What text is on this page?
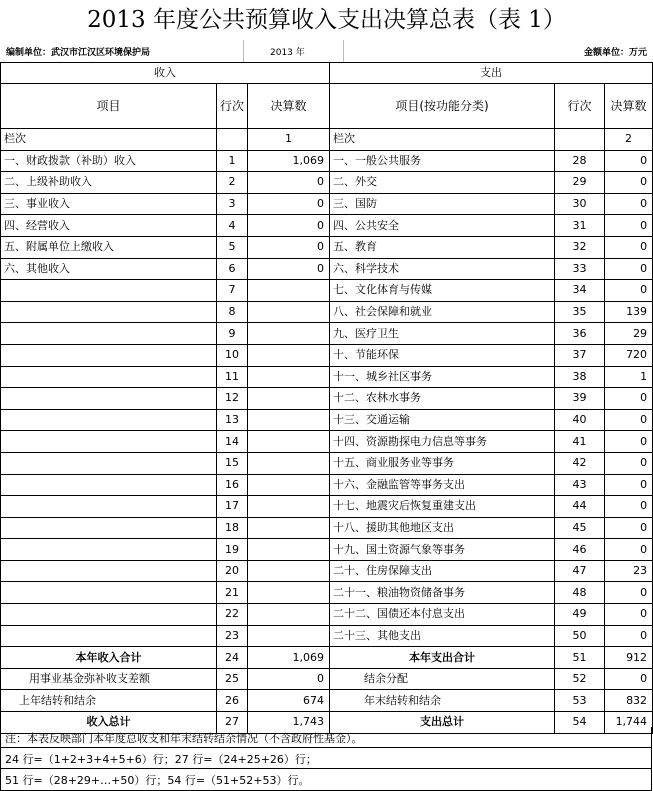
2013 年度公共预算收入支出决算总表（表 1）
编制单位：武汉市江汉区环境保护局	2013 年	金额单位：万元
收入			支出		
项目	行次	决算数	项目(按功能分类)	行次	决算数
栏次		1	栏次		2
一、财政拨款（补助）收入	1	1,069	一、一般公共服务	28	0
二、上级补助收入	2	0	二、外交	29	0
三、事业收入	3	0	三、国防	30	0
四、经营收入	4	0	四、公共安全	31	0
五、附属单位上缴收入	5	0	五、教育	32	0
六、其他收入	6	0	六、科学技术	33	0
	7		七、文化体育与传媒	34	0
	8		八、社会保障和就业	35	139
	9		九、医疗卫生	36	29
	10		十、节能环保	37	720
	11		十一、城乡社区事务	38	1
	12		十二、农林水事务	39	0
	13		十三、交通运输	40	0
	14		十四、资源勘探电力信息等事务	41	0
	15		十五、商业服务业等事务	42	0
	16		十六、金融监管等事务支出	43	0
	17		十七、地震灾后恢复重建支出	44	0
	18		十八、援助其他地区支出	45	0
	19		十九、国土资源气象等事务	46	0
	20		二十、住房保障支出	47	23
	21		二十一、粮油物资储备事务	48	0
	22		二十二、国债还本付息支出	49	0
	23		二十三、其他支出	50	0
本年收入合计	24	1,069	本年支出合计	51	912
用事业基金弥补收支差额	25	0	结余分配	52	0
上年结转和结余	26	674	年末结转和结余	53	832
收入总计	27	1,743	支出总计	54	1,744
注：本表反映部门本年度总收支和年末结转结余情况（不含政府性基金）。
24 行=（1+2+3+4+5+6）行；27 行=（24+25+26）行；
51 行=（28+29+…+50）行；54 行=（51+52+53）行。
